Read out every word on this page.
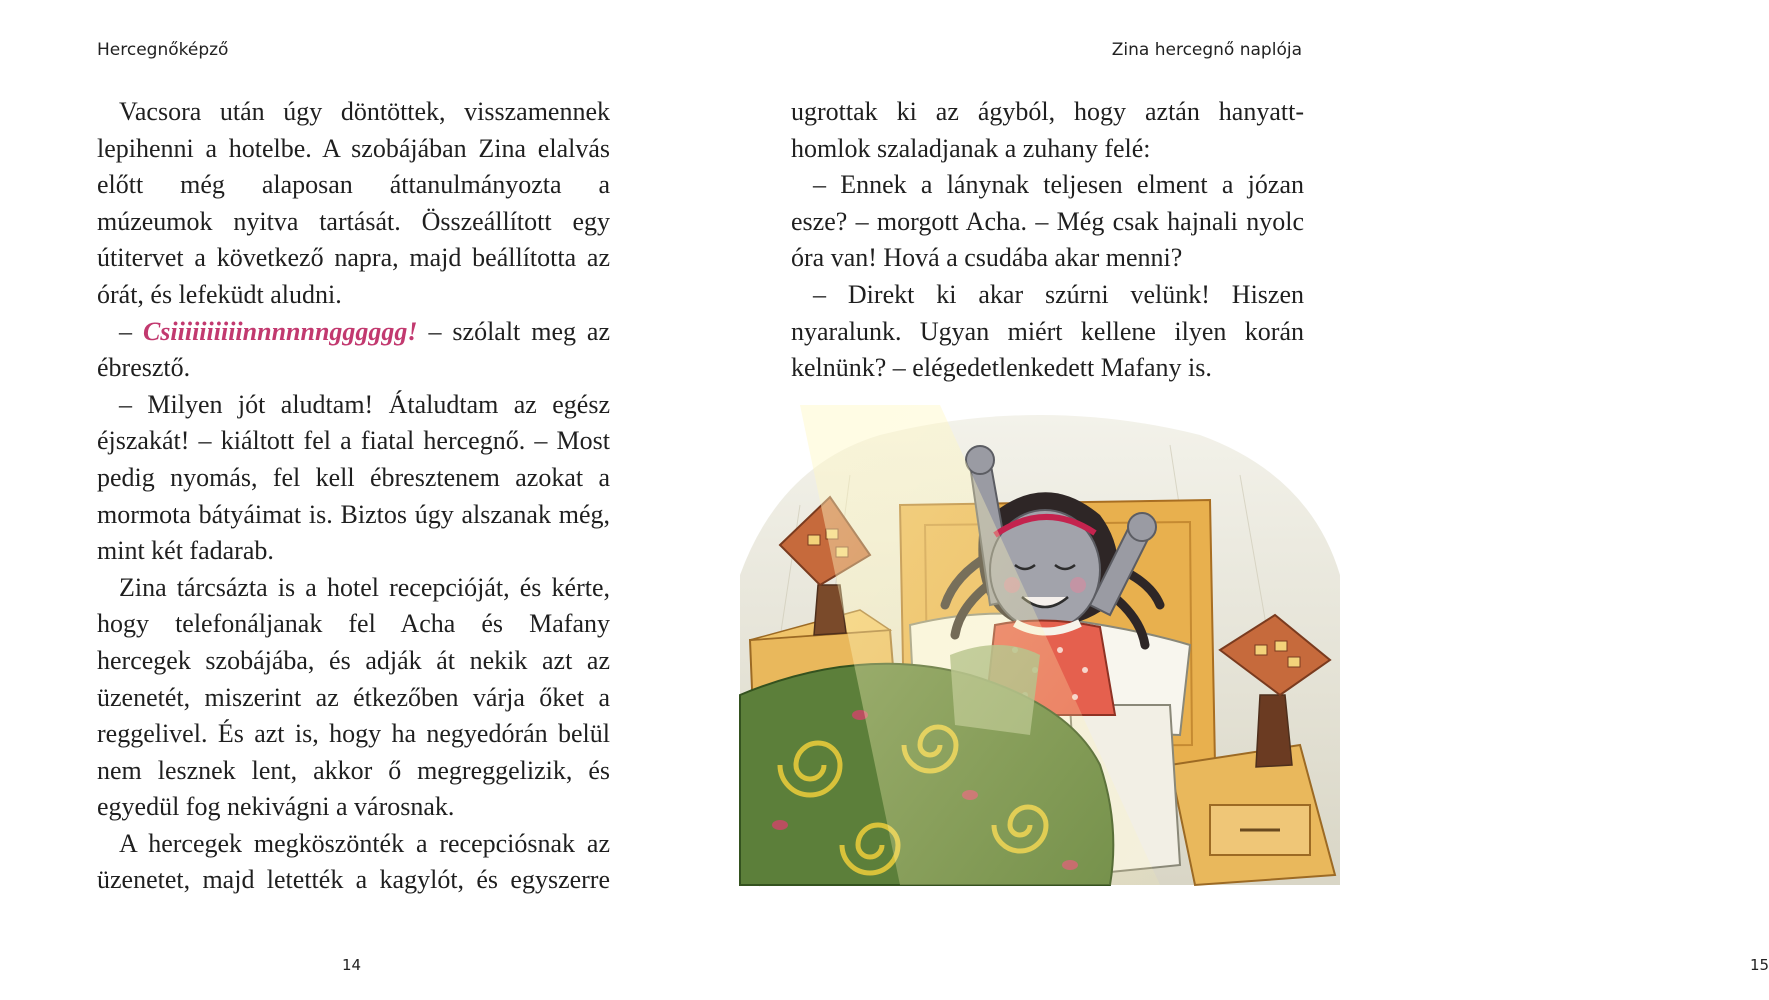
Hercegnőképző

Vacsora után úgy döntöttek, visszamennek lepihenni a hotelbe. A szobájában Zina elalvás előtt még alaposan áttanulmányozta a múzeumok nyitva tartását. Összeállított egy útitervet a következő napra, majd beállította az órát, és lefeküdt aludni.

– Csiiiiiiiiiinnnnnngggggg! – szólalt meg az ébresztő.

– Milyen jót aludtam! Átaludtam az egész éjszakát! – kiáltott fel a fiatal hercegnő. – Most pedig nyomás, fel kell ébresztenem azokat a mormota bátyáimat is. Biztos úgy alszanak még, mint két fadarab.

Zina tárcsázta is a hotel recepcióját, és kérte, hogy telefonáljanak fel Acha és Mafany hercegek szobájába, és adják át nekik azt az üzenetét, miszerint az étkezőben várja őket a reggelivel. És azt is, hogy ha negyedórán belül nem lesznek lent, akkor ő megreggelizik, és egyedül fog nekivágni a városnak.

A hercegek megköszönték a recepciósnak az üzenetet, majd letették a kagylót, és egyszerre

14
Zina hercegnő naplója
15

ugrottak ki az ágyból, hogy aztán hanyatt-homlok szaladjanak a zuhany felé:

– Ennek a lánynak teljesen elment a józan esze? – morgott Acha. – Még csak hajnali nyolc óra van! Hová a csudába akar menni?

– Direkt ki akar szúrni velünk! Hiszen nyaralunk. Ugyan miért kellene ilyen korán kelnünk? – elégedetlenkedett Mafany is.
